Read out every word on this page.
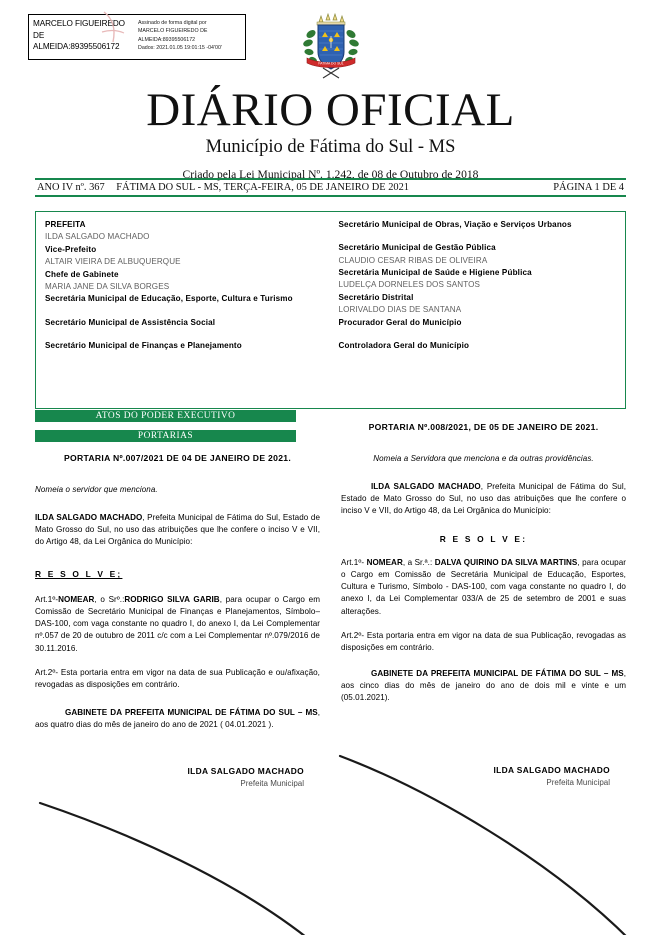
MARCELO FIGUEIREDO
DE
ALMEIDA:89395506172
Assinado de forma digital por
MARCELO FIGUEIREDO DE
ALMEIDA:89395506172
Dados: 2021.01.05 19:01:15 -04'00'
FATIMA DO SUL
DIÁRIO OFICIAL
Município de Fátima do Sul - MS
Criado pela Lei Municipal Nº. 1.242, de 08 de Outubro de 2018
ANO IV nº. 367 FÁTIMA DO SUL - MS, TERÇA-FEIRA, 05 DE JANEIRO DE 2021	PÁGINA 1 DE 4
PREFEITA
ILDA SALGADO MACHADO
Vice-Prefeito
ALTAIR VIEIRA DE ALBUQUERQUE
Chefe de Gabinete
MARIA JANE DA SILVA BORGES
Secretária Municipal de Educação, Esporte, Cultura e Turismo
Secretário Municipal de Assistência Social
Secretário Municipal de Finanças e Planejamento
Secretário Municipal de Obras, Viação e Serviços Urbanos
Secretário Municipal de Gestão Pública
CLAUDIO CESAR RIBAS DE OLIVEIRA
Secretária Municipal de Saúde e Higiene Pública
LUDELÇA DORNELES DOS SANTOS
Secretário Distrital
LORIVALDO DIAS DE SANTANA
Procurador Geral do Município
Controladora Geral do Município
ATOS DO PODER EXECUTIVO
PORTARIAS
PORTARIA Nº.007/2021 DE 04 DE JANEIRO DE 2021.
Nomeia o servidor que menciona.
ILDA SALGADO MACHADO, Prefeita Municipal de Fátima do Sul, Estado de Mato Grosso do Sul, no uso das atribuições que lhe confere o inciso V e VII, do Artigo 48, da Lei Orgânica do Município:
R E S O L V E;
Art.1º-NOMEAR, o Srº.:RODRIGO SILVA GARIB, para ocupar o Cargo em Comissão de Secretário Municipal de Finanças e Planejamentos, Símbolo–DAS-100, com vaga constante no quadro I, do anexo I, da Lei Complementar nº.057 de 20 de outubro de 2011 c/c com a Lei Complementar nº.079/2016 de 30.11.2016.
Art.2º- Esta portaria entra em vigor na data de sua Publicação e ou/afixação, revogadas as disposições em contrário.
GABINETE DA PREFEITA MUNICIPAL DE FÁTIMA DO SUL – MS, aos quatro dias do mês de janeiro do ano de 2021 ( 04.01.2021 ).
ILDA SALGADO MACHADO
Prefeita Municipal
PORTARIA Nº.008/2021, DE 05 DE JANEIRO DE 2021.
Nomeia a Servidora que menciona e da outras providências.
ILDA SALGADO MACHADO, Prefeita Municipal de Fátima do Sul, Estado de Mato Grosso do Sul, no uso das atribuições que lhe confere o inciso V e VII, do Artigo 48, da Lei Orgânica do Município:
R E S O L V E:
Art.1º- NOMEAR, a Sr.ª.: DALVA QUIRINO DA SILVA MARTINS, para ocupar o Cargo em Comissão de Secretária Municipal de Educação, Esportes, Cultura e Turismo, Símbolo - DAS-100, com vaga constante no quadro I, do anexo I, da Lei Complementar 033/A de 25 de setembro de 2001 e suas alterações.
Art.2º- Esta portaria entra em vigor na data de sua Publicação, revogadas as disposições em contrário.
GABINETE DA PREFEITA MUNICIPAL DE FÁTIMA DO SUL – MS, aos cinco dias do mês de janeiro do ano de dois mil e vinte e um (05.01.2021).
ILDA SALGADO MACHADO
Prefeita Municipal
